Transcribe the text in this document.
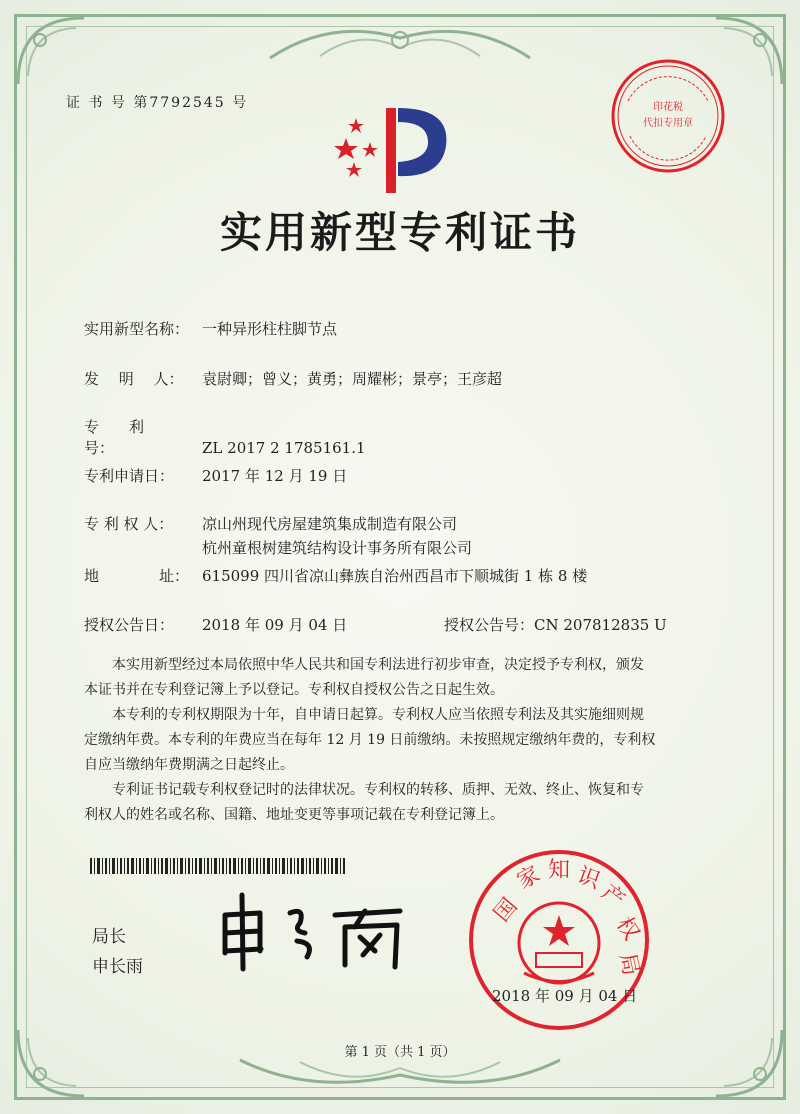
证 书 号 第7792545 号
实用新型专利证书
实用新型名称： 一种异形柱柱脚节点
发　 明　 人： 袁尉卿；曾义；黄勇；周耀彬；景亭；王彦超
专　　利　　号：	ZL 2017 2 1785161.1
专利申请日： 2017 年 12 月 19 日
专 利 权 人： 凉山州现代房屋建筑集成制造有限公司
杭州童根树建筑结构设计事务所有限公司
地　　　　址： 615099 四川省凉山彝族自治州西昌市下顺城街 1 栋 8 楼
授权公告日： 2018 年 09 月 04 日	授权公告号：CN 207812835 U

本实用新型经过本局依照中华人民共和国专利法进行初步审查，决定授予专利权，颁发

本证书并在专利登记簿上予以登记。专利权自授权公告之日起生效。

本专利的专利权期限为十年，自申请日起算。专利权人应当依照专利法及其实施细则规

定缴纳年费。本专利的年费应当在每年 12 月 19 日前缴纳。未按照规定缴纳年费的，专利权

自应当缴纳年费期满之日起终止。

专利证书记载专利权登记时的法律状况。专利权的转移、质押、无效、终止、恢复和专

利权人的姓名或名称、国籍、地址变更等事项记载在专利登记簿上。

局长
申长雨
印花税
代扣专用章
国
家 知 识
产
权
局
2018 年 09 月 04 日
第 1 页（共 1 页）
